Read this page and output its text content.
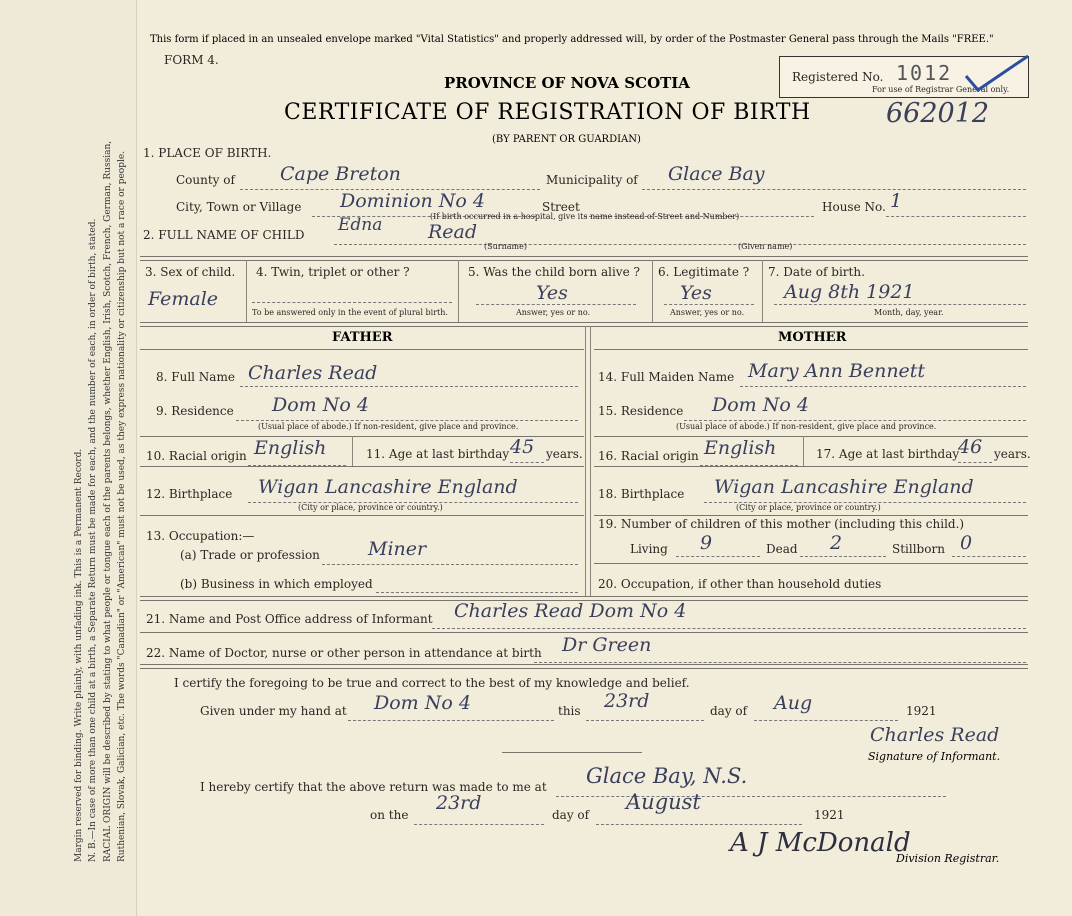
Margin reserved for binding. Write plainly, with unfading ink. This is a Permanent Record. N. B.—In case of more than one child at a birth, a Separate Return must be made for each, and the number of each, in order of birth, stated. RACIAL ORIGIN will be described by stating to what people or tongue each of the parents belongs, whether English, Irish, Scotch, French, German, Russian, Ruthenian, Slovak, Galician, etc. The words "Canadian" or "American" must not be used, as they express nationality or citizenship but not a race or people.
This form if placed in an unsealed envelope marked "Vital Statistics" and properly addressed will, by order of the Postmaster General pass through the Mails "FREE."
FORM 4.
PROVINCE OF NOVA SCOTIA
CERTIFICATE OF REGISTRATION OF BIRTH	662012
(BY PARENT OR GUARDIAN)
Registered No. 1012
For use of Registrar General only.
1. PLACE OF BIRTH.
County of Cape Breton	Municipality of Glace Bay
City, Town or Village Dominion No 4	Street
(If birth occurred in a hospital, give its name instead of Street and Number)
House No. 1
2. FULL NAME OF CHILD Edna Read
(Surname)	(Given name)
3. Sex of child.
Female
4. Twin, triplet or other ?
To be answered only in the event of plural birth.
5. Was the child born alive ?
Yes
Answer, yes or no.
6. Legitimate ?
Yes
Answer, yes or no.
7. Date of birth.
Aug 8th 1921
Month, day, year.
FATHER	MOTHER
8. Full Name Charles Read
9. Residence Dom No 4
(Usual place of abode.) If non-resident, give place and province.
10. Racial origin English	11. Age at last birthday 45 years.
12. Birthplace Wigan Lancashire England
(City or place, province or country.)
13. Occupation:—
(a) Trade or profession	Miner
(b) Business in which employed
14. Full Maiden Name Mary Ann Bennett
15. Residence Dom No 4
(Usual place of abode.) If non-resident, give place and province.
16. Racial origin English	17. Age at last birthday
46 years.
18. Birthplace Wigan Lancashire England
(City or place, province or country.)
19. Number of children of this mother (including this child.)
Living 9	Dead 2	Stillborn 0
20. Occupation, if other than household duties
21. Name and Post Office address of Informant Charles Read Dom No 4
22. Name of Doctor, nurse or other person in attendance at birth Dr Green
I certify the foregoing to be true and correct to the best of my knowledge and belief.
Given under my hand at Dom No 4	this 23rd	day of Aug	1921
Charles Read
Signature of Informant.
I hereby certify that the above return was made to me at Glace Bay, N.S.
on the
23rd
day of
August
1921
A J McDonald
Division Registrar.
